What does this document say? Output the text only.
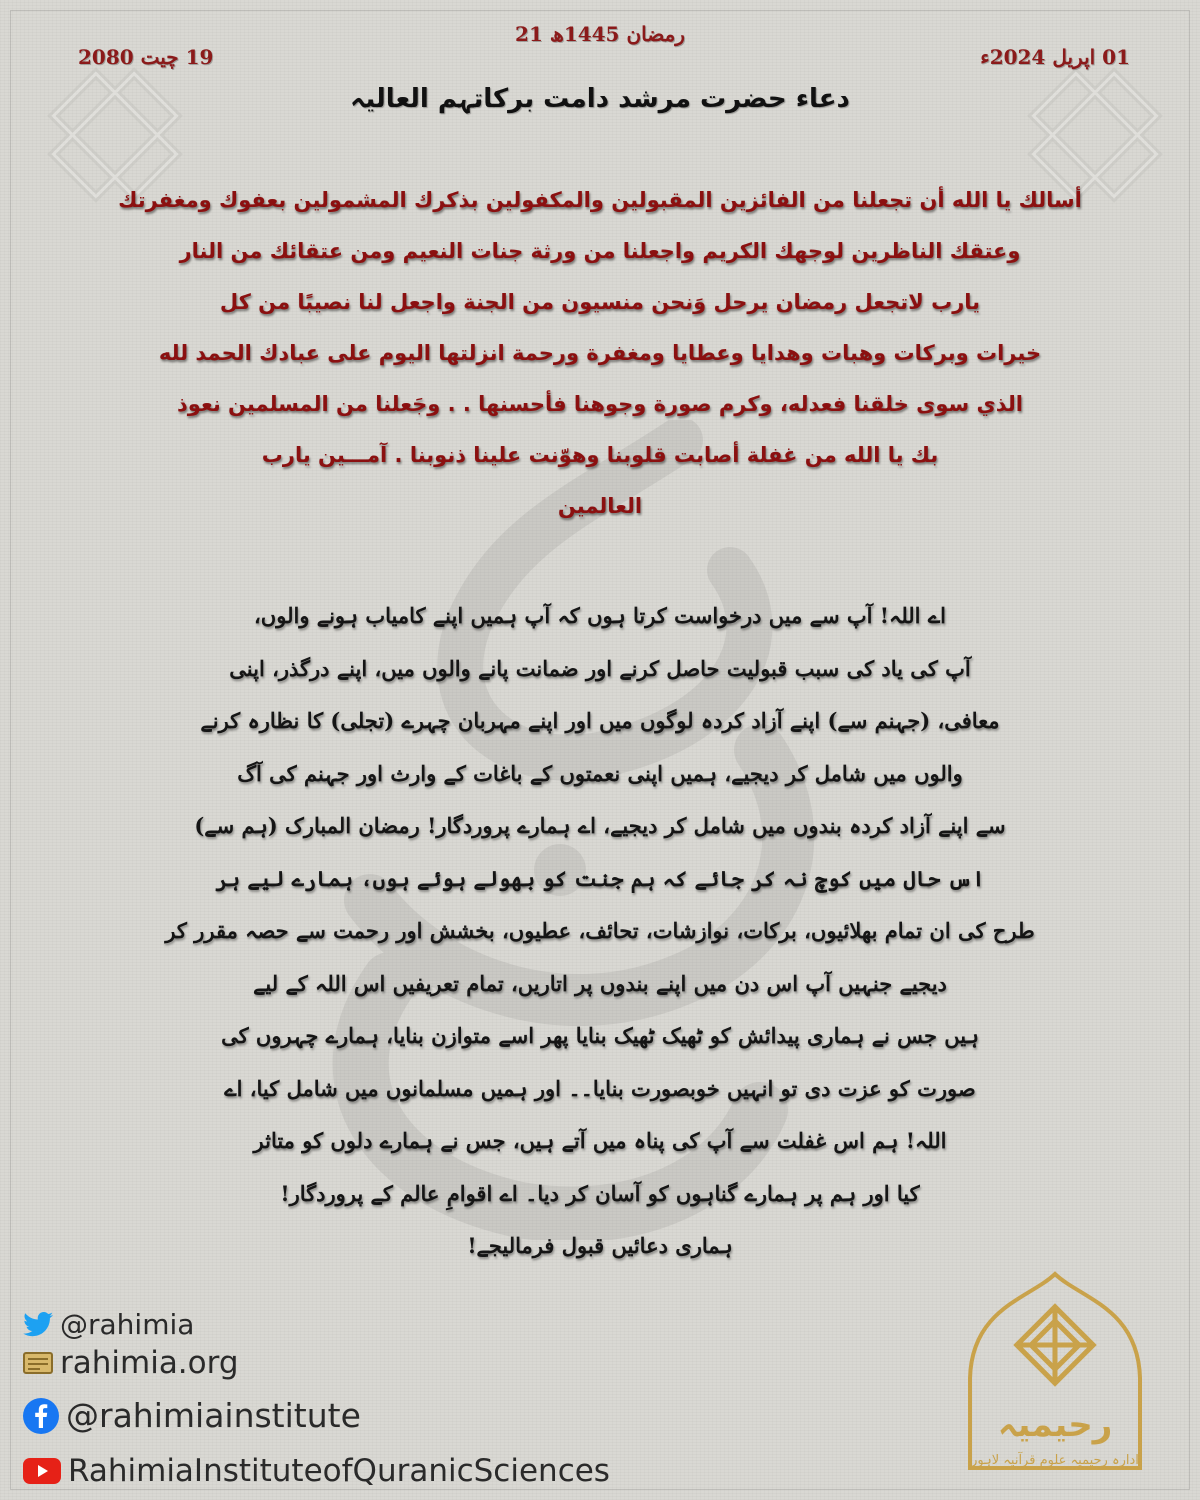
21 رمضان 1445ھ
01 اپریل 2024ء
19 چیت 2080
دعاء حضرت مرشد دامت برکاتہم العالیہ
أسالك يا الله أن تجعلنا من الفائزين المقبولين والمكفولين بذكرك المشمولين بعفوك ومغفرتك
وعتقك الناظرين لوجهك الكريم واجعلنا من ورثة جنات النعيم ومن عتقائك من النار
يارب لاتجعل رمضان يرحل وَنحن منسيون من الجنة واجعل لنا نصيبًا من كل
خيرات وبركات وهبات وهدايا وعطايا ومغفرة ورحمة انزلتها اليوم على عبادك الحمد لله
الذي سوى خلقنا فعدله، وكرم صورة وجوهنا فأحسنها . . وجَعلنا من المسلمين نعوذ
بك يا الله من غفلة أصابت قلوبنا وهوّنت علينا ذنوبنا . آمـــين يارب
العالمين
اے اللہ! آپ سے میں درخواست کرتا ہوں کہ آپ ہمیں اپنے کامیاب ہونے والوں،
آپ کی یاد کی سبب قبولیت حاصل کرنے اور ضمانت پانے والوں میں، اپنے درگذر، اپنی
معافی، (جہنم سے) اپنے آزاد کردہ لوگوں میں اور اپنے مہربان چہرے (تجلی) کا نظارہ کرنے
والوں میں شامل کر دیجیے، ہمیں اپنی نعمتوں کے باغات کے وارث اور جہنم کی آگ
سے اپنے آزاد کردہ بندوں میں شامل کر دیجیے، اے ہمارے پروردگار! رمضان المبارک (ہم سے)
اس حال میں کوچ نہ کر جائے کہ ہم جنت کو بھولے ہوئے ہوں، ہمارے لیے ہر
طرح کی ان تمام بھلائیوں، برکات، نوازشات، تحائف، عطیوں، بخشش اور رحمت سے حصہ مقرر کر
دیجیے جنہیں آپ اس دن میں اپنے بندوں پر اتاریں، تمام تعریفیں اس اللہ کے لیے
ہیں جس نے ہماری پیدائش کو ٹھیک ٹھیک بنایا پھر اسے متوازن بنایا، ہمارے چہروں کی
صورت کو عزت دی تو انہیں خوبصورت بنایا۔۔ اور ہمیں مسلمانوں میں شامل کیا، اے
اللہ! ہم اس غفلت سے آپ کی پناہ میں آتے ہیں، جس نے ہمارے دلوں کو متاثر
کیا اور ہم پر ہمارے گناہوں کو آسان کر دیا۔ اے اقوامِ عالم کے پروردگار!
ہماری دعائیں قبول فرمالیجے!
@rahimia
rahimia.org
@rahimiainstitute
RahimiaInstituteofQuranicSciences
رحیمیہ
ادارہ رحیمیہ علوم قرآنیہ لاہور
